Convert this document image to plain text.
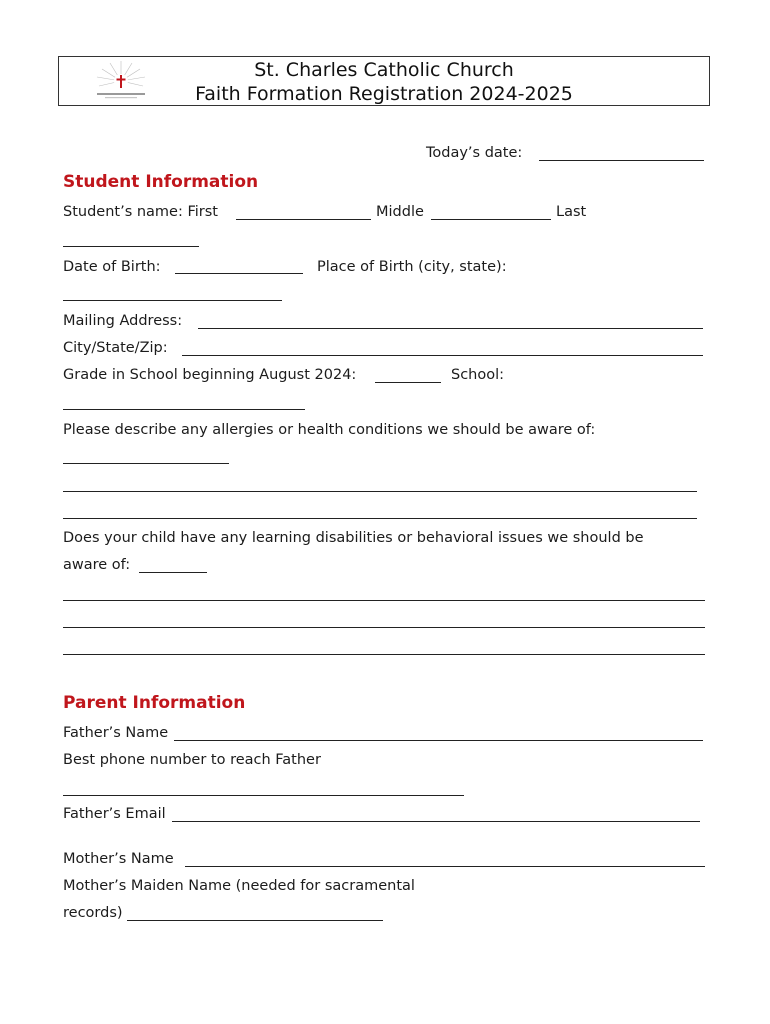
St. Charles Catholic Church
Faith Formation Registration 2024-2025
Today’s date:
Student Information
Student’s name: First	Middle	Last
Date of Birth:	Place of Birth (city, state):
Mailing Address:
City/State/Zip:
Grade in School beginning August 2024:	School:
Please describe any allergies or health conditions we should be aware of:
Does your child have any learning disabilities or behavioral issues we should be
aware of:
Parent Information
Father’s Name
Best phone number to reach Father
Father’s Email
Mother’s Name
Mother’s Maiden Name (needed for sacramental
records)
